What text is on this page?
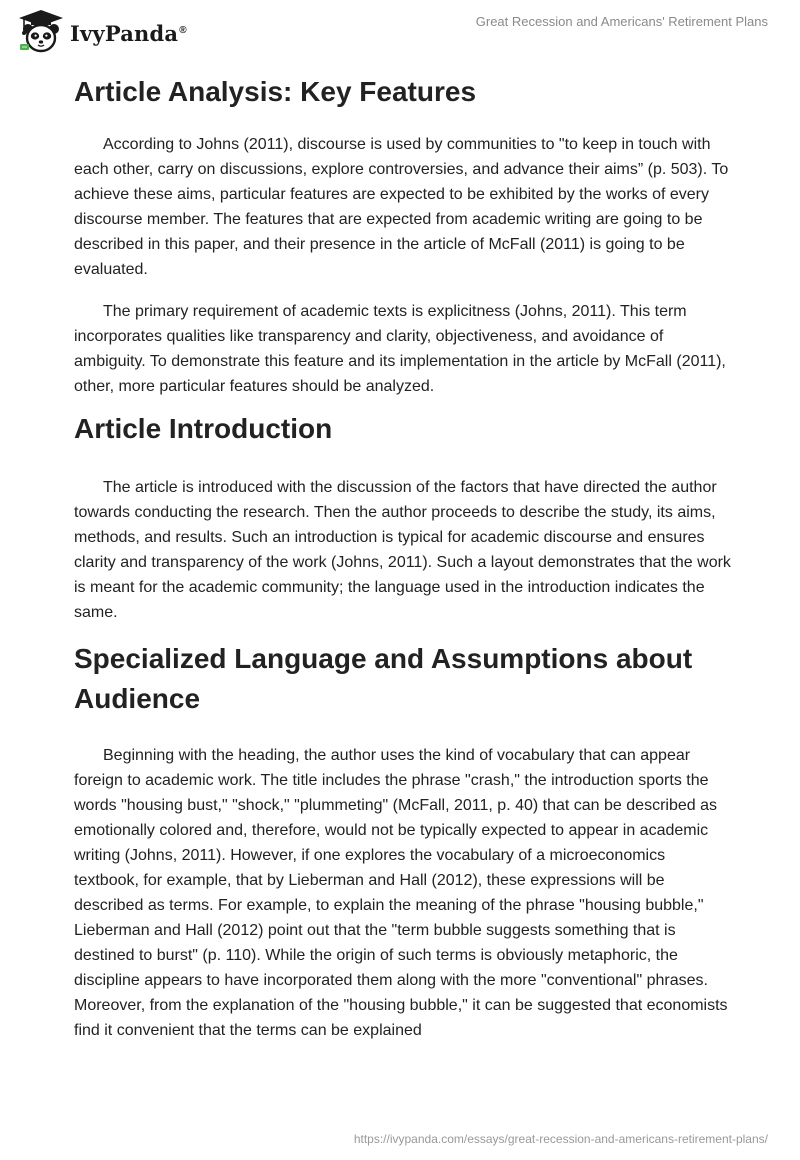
IvyPanda®
Great Recession and Americans' Retirement Plans
Article Analysis: Key Features

According to Johns (2011), discourse is used by communities to "to keep in touch with each other, carry on discussions, explore controversies, and advance their aims” (p. 503). To achieve these aims, particular features are expected to be exhibited by the works of every discourse member. The features that are expected from academic writing are going to be described in this paper, and their presence in the article of McFall (2011) is going to be evaluated.

The primary requirement of academic texts is explicitness (Johns, 2011). This term incorporates qualities like transparency and clarity, objectiveness, and avoidance of ambiguity. To demonstrate this feature and its implementation in the article by McFall (2011), other, more particular features should be analyzed.

Article Introduction

The article is introduced with the discussion of the factors that have directed the author towards conducting the research. Then the author proceeds to describe the study, its aims, methods, and results. Such an introduction is typical for academic discourse and ensures clarity and transparency of the work (Johns, 2011). Such a layout demonstrates that the work is meant for the academic community; the language used in the introduction indicates the same.

Specialized Language and Assumptions about Audience

Beginning with the heading, the author uses the kind of vocabulary that can appear foreign to academic work. The title includes the phrase "crash," the introduction sports the words "housing bust," "shock," "plummeting" (McFall, 2011, p. 40) that can be described as emotionally colored and, therefore, would not be typically expected to appear in academic writing (Johns, 2011). However, if one explores the vocabulary of a microeconomics textbook, for example, that by Lieberman and Hall (2012), these expressions will be described as terms. For example, to explain the meaning of the phrase "housing bubble," Lieberman and Hall (2012) point out that the "term bubble suggests something that is destined to burst" (p. 110). While the origin of such terms is obviously metaphoric, the discipline appears to have incorporated them along with the more "conventional" phrases. Moreover, from the explanation of the "housing bubble," it can be suggested that economists find it convenient that the terms can be explained

https://ivypanda.com/essays/great-recession-and-americans-retirement-plans/
